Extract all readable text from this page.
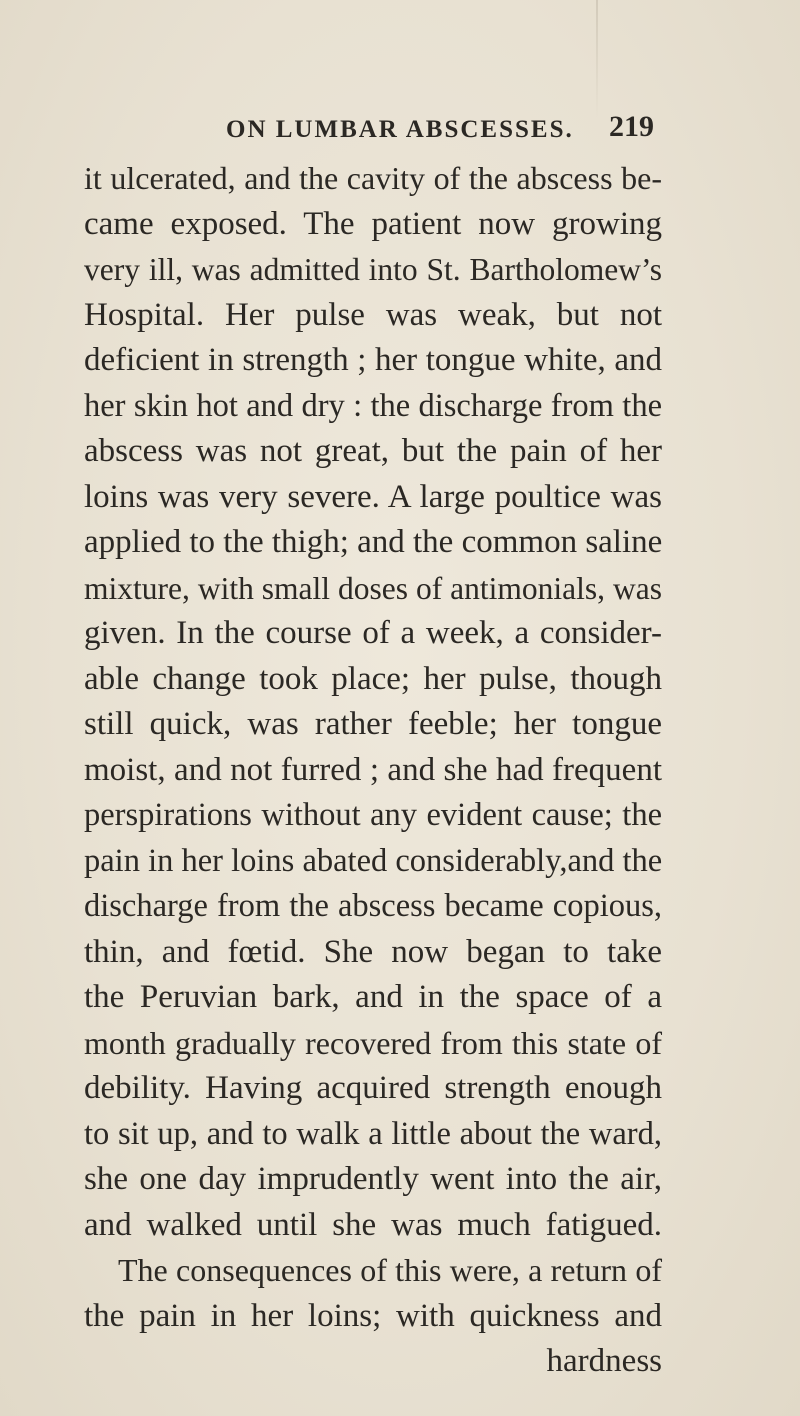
ON LUMBAR ABSCESSES. 219
it ulcerated, and the cavity of the abscess be-
came exposed. The patient now growing
very ill, was admitted into St. Bartholomew’s
Hospital. Her pulse was weak, but not
deficient in strength ; her tongue white, and
her skin hot and dry : the discharge from the
abscess was not great, but the pain of her
loins was very severe. A large poultice was
applied to the thigh; and the common saline
mixture, with small doses of antimonials, was
given. In the course of a week, a consider-
able change took place; her pulse, though
still quick, was rather feeble; her tongue
moist, and not furred ; and she had frequent
perspirations without any evident cause; the
pain in her loins abated considerably,and the
discharge from the abscess became copious,
thin, and fœtid. She now began to take
the Peruvian bark, and in the space of a
month gradually recovered from this state of
debility. Having acquired strength enough
to sit up, and to walk a little about the ward,
she one day imprudently went into the air,
and walked until she was much fatigued.
The consequences of this were, a return of
the pain in her loins; with quickness and
hardness
